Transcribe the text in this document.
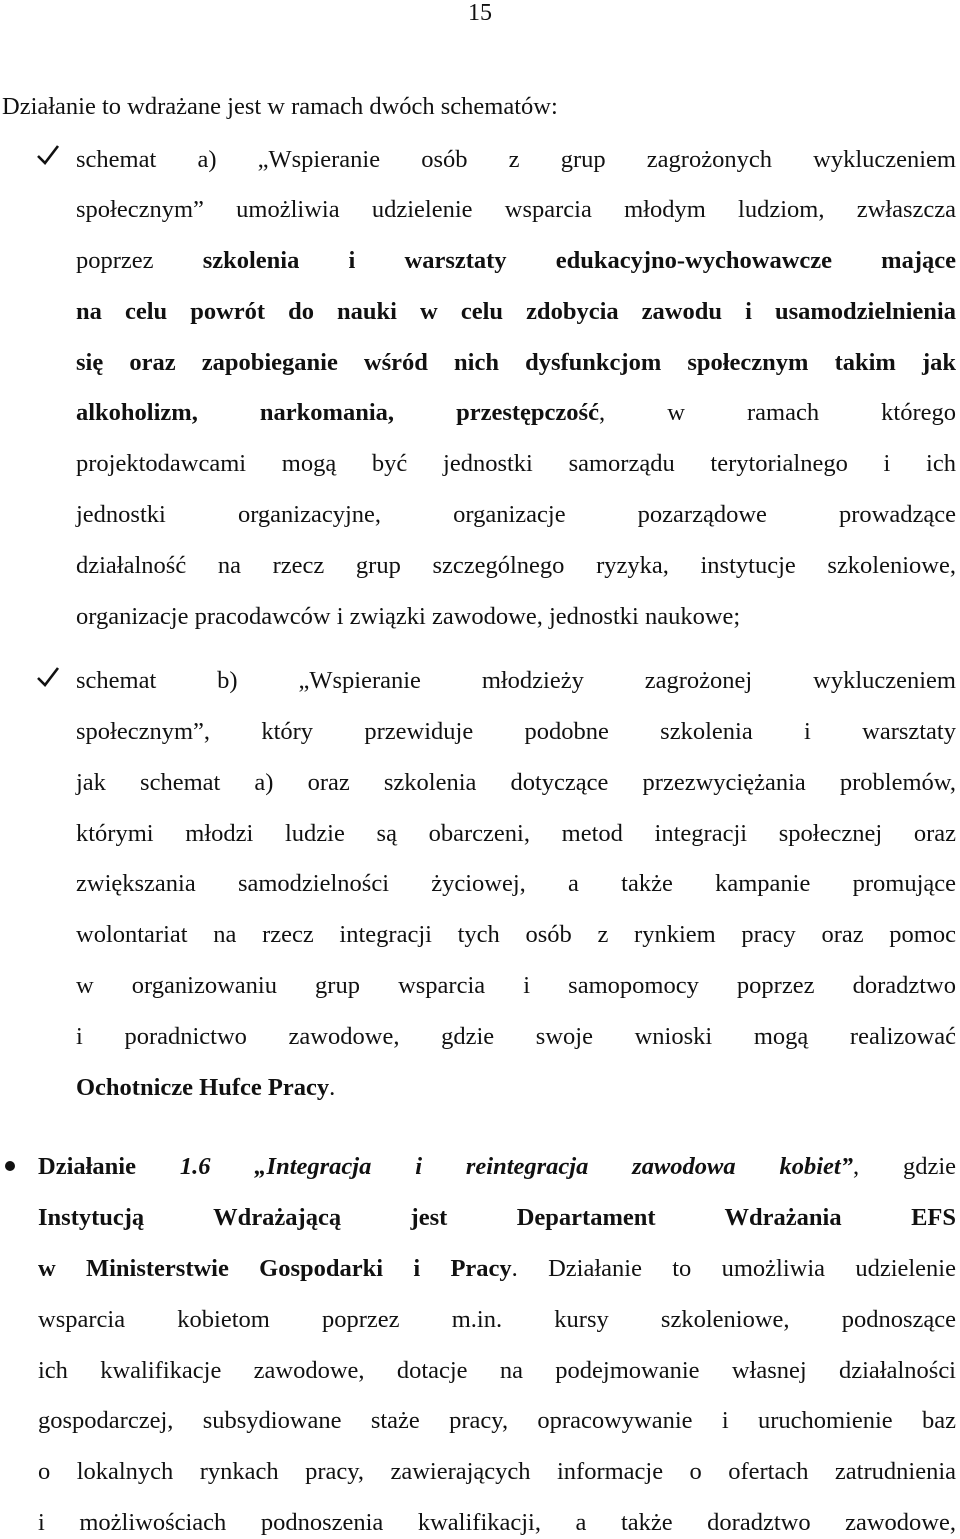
15
Działanie to wdrażane jest w ramach dwóch schematów:
schemat a) „Wspieranie osób z grup zagrożonych wykluczeniem
społecznym” umożliwia udzielenie wsparcia młodym ludziom, zwłaszcza
poprzez szkolenia i warsztaty edukacyjno-wychowawcze mające
na celu powrót do nauki w celu zdobycia zawodu i usamodzielnienia
się oraz zapobieganie wśród nich dysfunkcjom społecznym takim jak
alkoholizm, narkomania, przestępczość, w ramach którego
projektodawcami mogą być jednostki samorządu terytorialnego i ich
jednostki organizacyjne, organizacje pozarządowe prowadzące
działalność na rzecz grup szczególnego ryzyka, instytucje szkoleniowe,
organizacje pracodawców i związki zawodowe, jednostki naukowe;
schemat b) „Wspieranie młodzieży zagrożonej wykluczeniem
społecznym”, który przewiduje podobne szkolenia i warsztaty
jak schemat a) oraz szkolenia dotyczące przezwyciężania problemów,
którymi młodzi ludzie są obarczeni, metod integracji społecznej oraz
zwiększania samodzielności życiowej, a także kampanie promujące
wolontariat na rzecz integracji tych osób z rynkiem pracy oraz pomoc
w organizowaniu grup wsparcia i samopomocy poprzez doradztwo
i poradnictwo zawodowe, gdzie swoje wnioski mogą realizować
Ochotnicze Hufce Pracy.
Działanie 1.6 „Integracja i reintegracja zawodowa kobiet”, gdzie
Instytucją Wdrażającą jest Departament Wdrażania EFS
w Ministerstwie Gospodarki i Pracy. Działanie to umożliwia udzielenie
wsparcia kobietom poprzez m.in. kursy szkoleniowe, podnoszące
ich kwalifikacje zawodowe, dotacje na podejmowanie własnej działalności
gospodarczej, subsydiowane staże pracy, opracowywanie i uruchomienie baz
o lokalnych rynkach pracy, zawierających informacje o ofertach zatrudnienia
i możliwościach podnoszenia kwalifikacji, a także doradztwo zawodowe,
